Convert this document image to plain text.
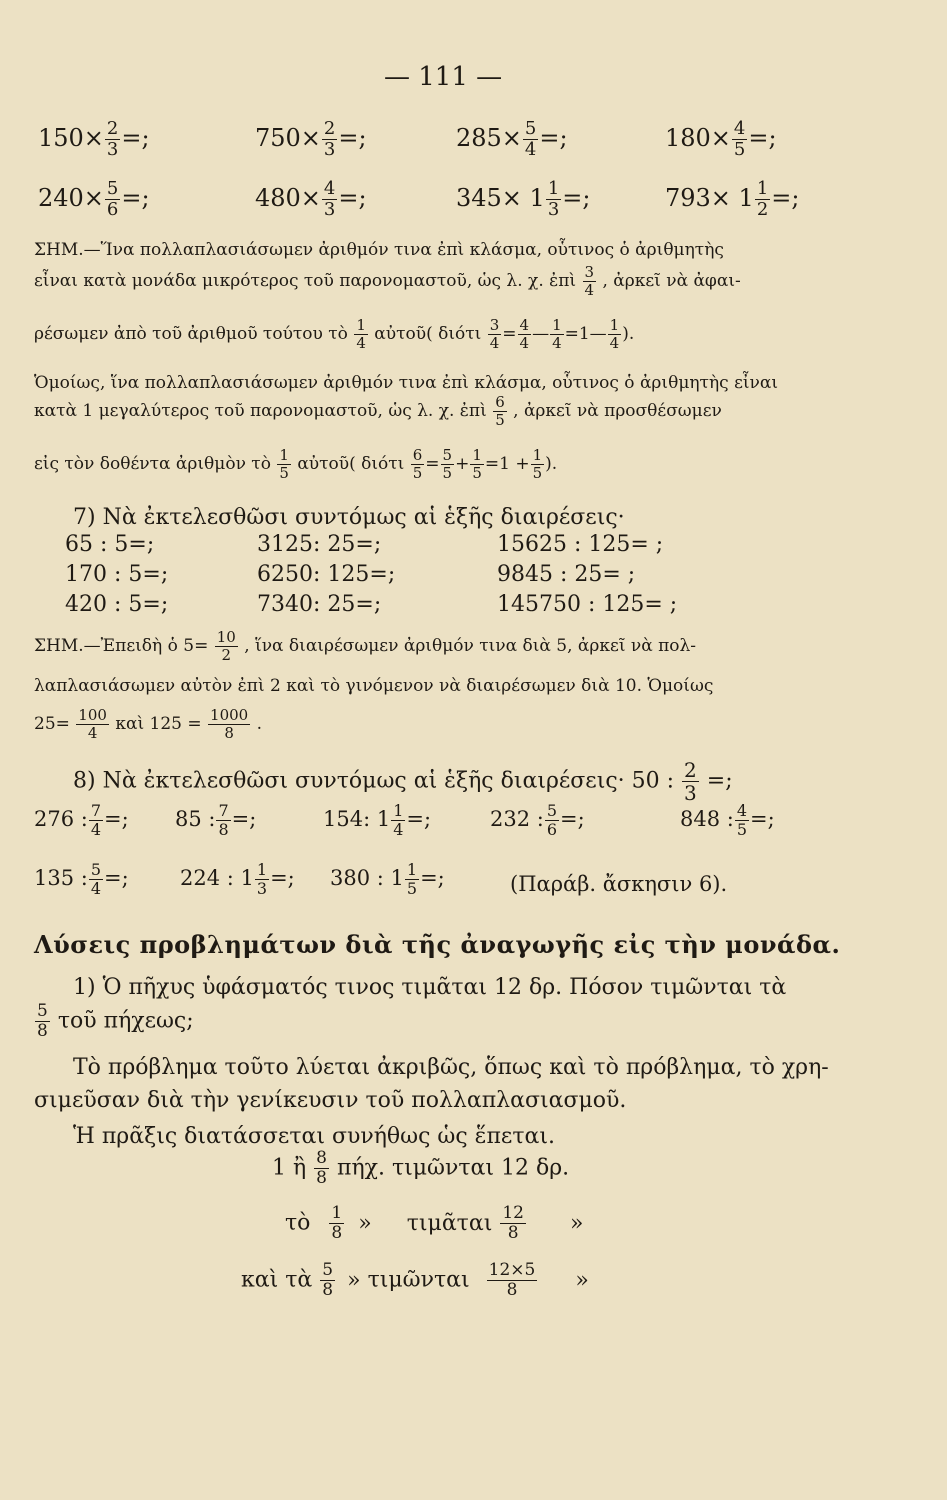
— 111 —
$150\times \frac{2}{3}$ =;	$750\times \frac{2}{3}$ =;	$285\times \frac{5}{4}$ =;	$180\times \frac{4}{5}$ =;
$240\times \frac{5}{6}$ =;	$480\times \frac{4}{3}$ =;	$345\times 1 \frac{1}{3}$ =;	$793\times 1 \frac{1}{2}$ =;
ΣΗΜ.—Ἵνα πολλαπλασιάσωμεν ἀριθμόν τινα ἐπὶ κλάσμα, οὗτινος ὁ ἀριθμητὴς
εἶναι κατὰ μονάδα μικρότερος τοῦ παρονομαστοῦ, ὡς λ. χ. ἐπὶ $\frac{3}{4}$ , ἀρκεῖ νὰ ἀφαι-
ρέσωμεν ἀπὸ τοῦ ἀριθμοῦ τούτου τὸ $\frac{1}{4}$ αὐτοῦ( διότι $\frac{3}{4} = \frac{4}{4}$ — $\frac{1}{4}$ =1— $\frac{1}{4}$ ).
Ὁμοίως, ἵνα πολλαπλασιάσωμεν ἀριθμόν τινα ἐπὶ κλάσμα, οὗτινος ὁ ἀριθμητὴς εἶναι
κατὰ 1 μεγαλύτερος τοῦ παρονομαστοῦ, ὡς λ. χ. ἐπὶ $\frac{6}{5}$ , ἀρκεῖ νὰ προσθέσωμεν
εἰς τὸν δοθέντα ἀριθμὸν τὸ $\frac{1}{5}$ αὐτοῦ( διότι $\frac{6}{5} = \frac{5}{5} + \frac{1}{5} =1 + \frac{1}{5}$ ).
7) Νὰ ἐκτελεσθῶσι συντόμως αἱ ἑξῆς διαιρέσεις·
65 : 5=;	3125: 25=;	15625 : 125= ;
170 : 5=;	6250: 125=;	9845 : 25= ;
420 : 5=;	7340: 25=;	145750 : 125= ;
ΣΗΜ.—Ἐπειδὴ ὁ $5= \frac{10}{2}$ , ἵνα διαιρέσωμεν ἀριθμόν τινα διὰ 5, ἀρκεῖ νὰ πολ-
λαπλασιάσωμεν αὐτὸν ἐπὶ 2 καὶ τὸ γινόμενον νὰ διαιρέσωμεν διὰ 10. Ὁμοίως
$25= \frac{100}{4}$ καὶ $125 = \frac{1000}{8}$ .
8) Νὰ ἐκτελεσθῶσι συντόμως αἱ ἑξῆς διαιρέσεις· 50 : $\frac{2}{3}$ =;
276 : $\frac{7}{4}$ =; 85 : $\frac{7}{8}$ =;	154: $1 \frac{1}{4}$ =;	232 : $\frac{5}{6}$ =;	848 : $\frac{4}{5}$ =;
135 : $\frac{5}{4}$ =; 224 : $1 \frac{1}{3}$ =; 380 : $1 \frac{1}{5}$ =;	(Παράβ. ἄσκησιν 6).
Λύσεις προβλημάτων διὰ τῆς ἀναγωγῆς εἰς τὴν μονάδα.
1) Ὁ πῆχυς ὑφάσματός τινος τιμᾶται 12 δρ. Πόσον τιμῶνται τὰ
$\frac{5}{8}$ τοῦ πήχεως;
Τὸ πρόβλημα τοῦτο λύεται ἀκριβῶς, ὅπως καὶ τὸ πρόβλημα, τὸ χρη-
σιμεῦσαν διὰ τὴν γενίκευσιν τοῦ πολλαπλασιασμοῦ.
Ἡ πρᾶξις διατάσσεται συνήθως ὡς ἕπεται.
1 ἢ $\frac{8}{8} \pi ή\chi$. τιμῶνται 12 δρ.
τὸ $\frac{1}{8}$ » τιμᾶται $\frac{12}{8}$ »
καὶ τὰ $\frac{5}{8}$ » τιμῶνται $\frac{12\times 5}{8}$ »
